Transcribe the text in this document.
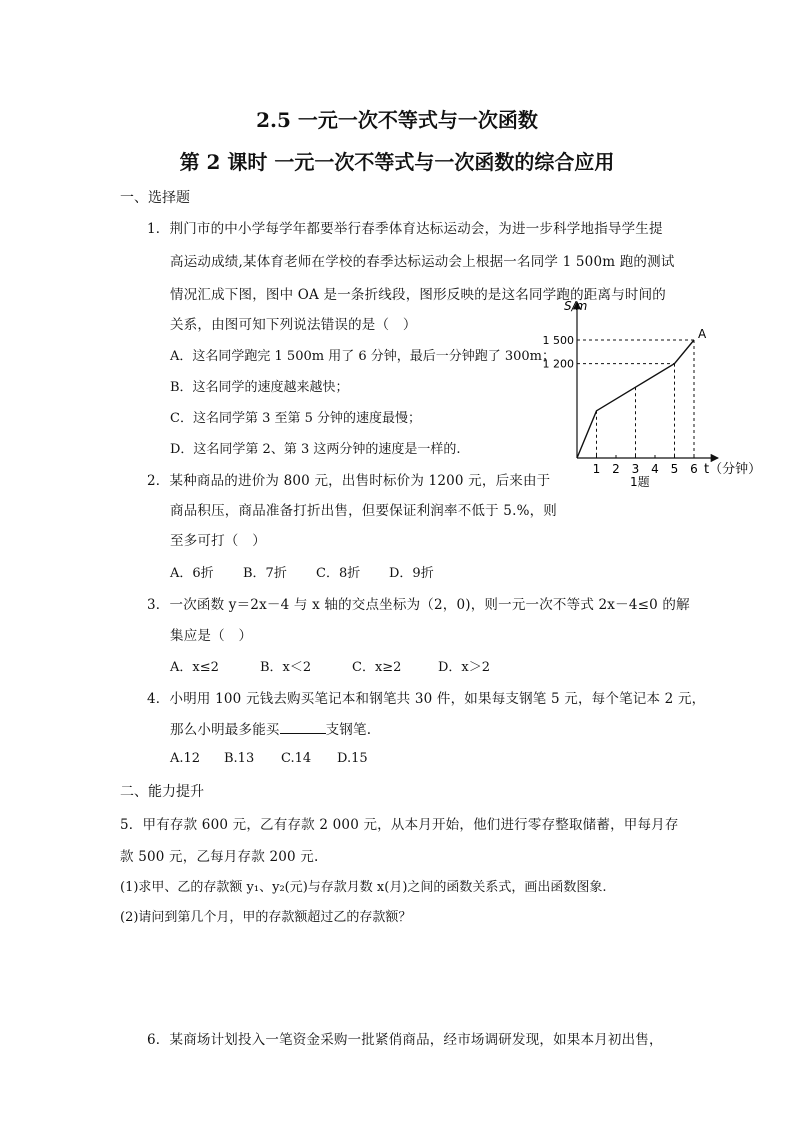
2.5 一元一次不等式与一次函数
第 2 课时 一元一次不等式与一次函数的综合应用
一、选择题
1．荆门市的中小学每学年都要举行春季体育达标运动会，为进一步科学地指导学生提
高运动成绩,某体育老师在学校的春季达标运动会上根据一名同学 1 500m 跑的测试
情况汇成下图，图中 OA 是一条折线段，图形反映的是这名同学跑的距离与时间的
关系，由图可知下列说法错误的是（　）
A．这名同学跑完 1 500m 用了 6 分钟，最后一分钟跑了 300m；
B．这名同学的速度越来越快；
C．这名同学第 3 至第 5 分钟的速度最慢；
D．这名同学第 2、第 3 这两分钟的速度是一样的.
S/m
t（分钟）
A
1题
1 500
1 200
1 2 3 4 5 6
2．某种商品的进价为 800 元，出售时标价为 1200 元，后来由于
商品积压，商品准备打折出售，但要保证利润率不低于 5.%，则
至多可打（　）
A．6折 B．7折 C．8折 D．9折
3．一次函数 y＝2x－4 与 x 轴的交点坐标为（2，0)，则一元一次不等式 2x－4≤0 的解
集应是（　）
A．x≤2	B．x＜2	C．x≥2	D．x＞2
4．小明用 100 元钱去购买笔记本和钢笔共 30 件，如果每支钢笔 5 元，每个笔记本 2 元，
那么小明最多能买	支钢笔.
A.12 B.13 C.14 D.15
二、能力提升
5．甲有存款 600 元，乙有存款 2 000 元，从本月开始，他们进行零存整取储蓄，甲每月存
款 500 元，乙每月存款 200 元.
(1)求甲、乙的存款额 y₁、y₂(元)与存款月数 x(月)之间的函数关系式，画出函数图象.
(2)请问到第几个月，甲的存款额超过乙的存款额？
6．某商场计划投入一笔资金采购一批紧俏商品，经市场调研发现，如果本月初出售，
